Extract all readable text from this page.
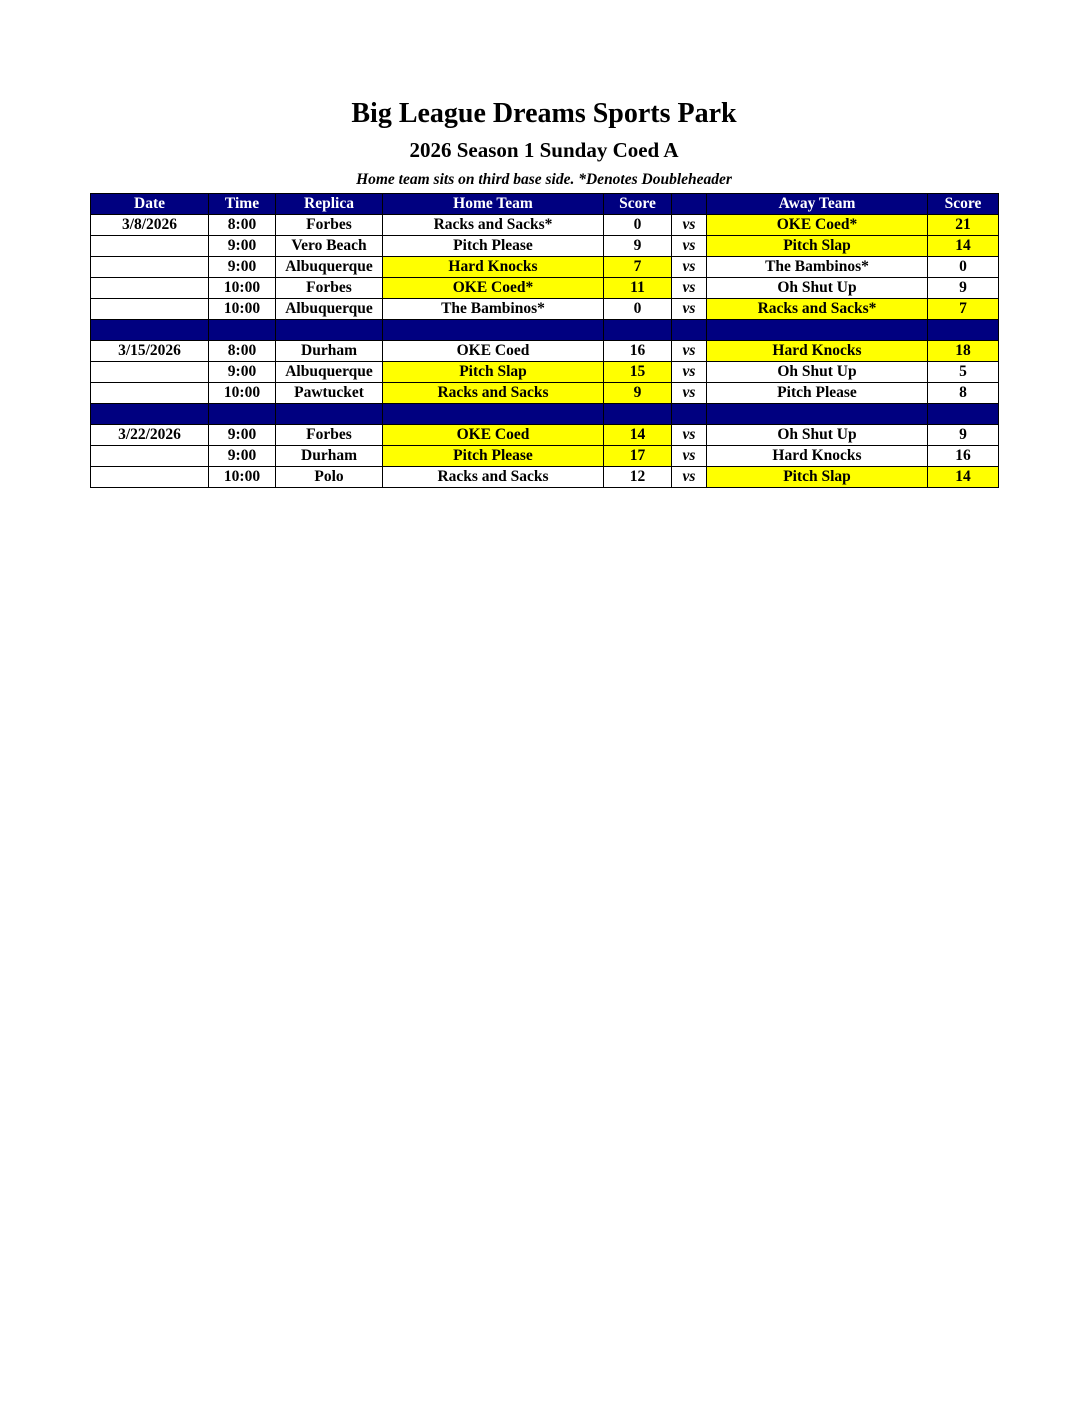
Big League Dreams Sports Park
2026 Season 1 Sunday Coed A
Home team sits on third base side. *Denotes Doubleheader
Date	Time	Replica	Home Team	Score		Away Team	Score
3/8/2026	8:00	Forbes	Racks and Sacks*	0	vs	OKE Coed*	21
	9:00	Vero Beach	Pitch Please	9	vs	Pitch Slap	14
	9:00	Albuquerque	Hard Knocks	7	vs	The Bambinos*	0
	10:00	Forbes	OKE Coed*	11	vs	Oh Shut Up	9
	10:00	Albuquerque	The Bambinos*	0	vs	Racks and Sacks*	7

3/15/2026	8:00	Durham	OKE Coed	16	vs	Hard Knocks	18
	9:00	Albuquerque	Pitch Slap	15	vs	Oh Shut Up	5
	10:00	Pawtucket	Racks and Sacks	9	vs	Pitch Please	8

3/22/2026	9:00	Forbes	OKE Coed	14	vs	Oh Shut Up	9
	9:00	Durham	Pitch Please	17	vs	Hard Knocks	16
	10:00	Polo	Racks and Sacks	12	vs	Pitch Slap	14
